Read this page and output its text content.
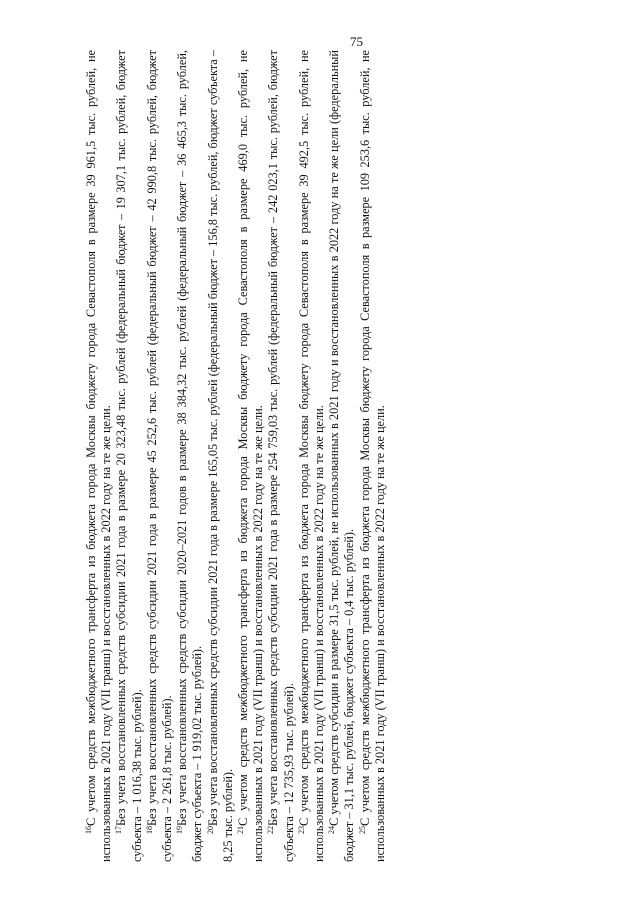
75

$^{16}$С учетом средств межбюджетного трансферта из бюджета города Москвы бюджету города Севастополя в размере 39 961,5 тыс. рублей, не использованных в 2021 году (VII транш) и восстановленных в 2022 году на те же цели.

$^{17}$Без учета восстановленных средств субсидии 2021 года в размере 20 323,48 тыс. рублей (федеральный бюджет – 19 307,1 тыс. рублей, бюджет субъекта – 1 016,38 тыс. рублей). $^{18}$Без учета восстановленных средств субсидии 2021 года в размере 45 252,6 тыс. рублей (федеральный бюджет – 42 990,8 тыс. рублей, бюджет субъекта – 2 261,8 тыс. рублей). $^{19}$Без учета восстановленных средств субсидии 2020–2021 годов в размере 38 384,32 тыс. рублей (федеральный бюджет – 36 465,3 тыс. рублей, бюджет субъекта – 1 919,02 тыс. рублей). $^{20}$Без учета восстановленных средств субсидии 2021 года в размере 165,05 тыс. рублей (федеральный бюджет – 156,8 тыс. рублей, бюджет субъекта – 8,25 тыс. рублей). $^{21}$С учетом средств межбюджетного трансферта из бюджета города Москвы бюджету города Севастополя в размере 469,0 тыс. рублей, не использованных в 2021 году (VII транш) и восстановленных в 2022 году на те же цели. $^{22}$Без учета восстановленных средств субсидии 2021 года в размере 254 759,03 тыс. рублей (федеральный бюджет – 242 023,1 тыс. рублей, бюджет субъекта – 12 735,93 тыс. рублей). $^{23}$С учетом средств межбюджетного трансферта из бюджета города Москвы бюджету города Севастополя в размере 39 492,5 тыс. рублей, не использованных в 2021 году (VII транш) и восстановленных в 2022 году на те же цели.

$^{24}$С учетом средств субсидии в размере 31,5 тыс. рублей, не использованных в 2021 году и восстановленных в 2022 году на те же цели (федеральный бюджет – 31,1 тыс. рублей, бюджет субъекта – 0,4 тыс. рублей). $^{25}$С учетом средств межбюджетного трансферта из бюджета города Москвы бюджету города Севастополя в размере 109 253,6 тыс. рублей, не использованных в 2021 году (VII транш) и восстановленных в 2022 году на те же цели.
